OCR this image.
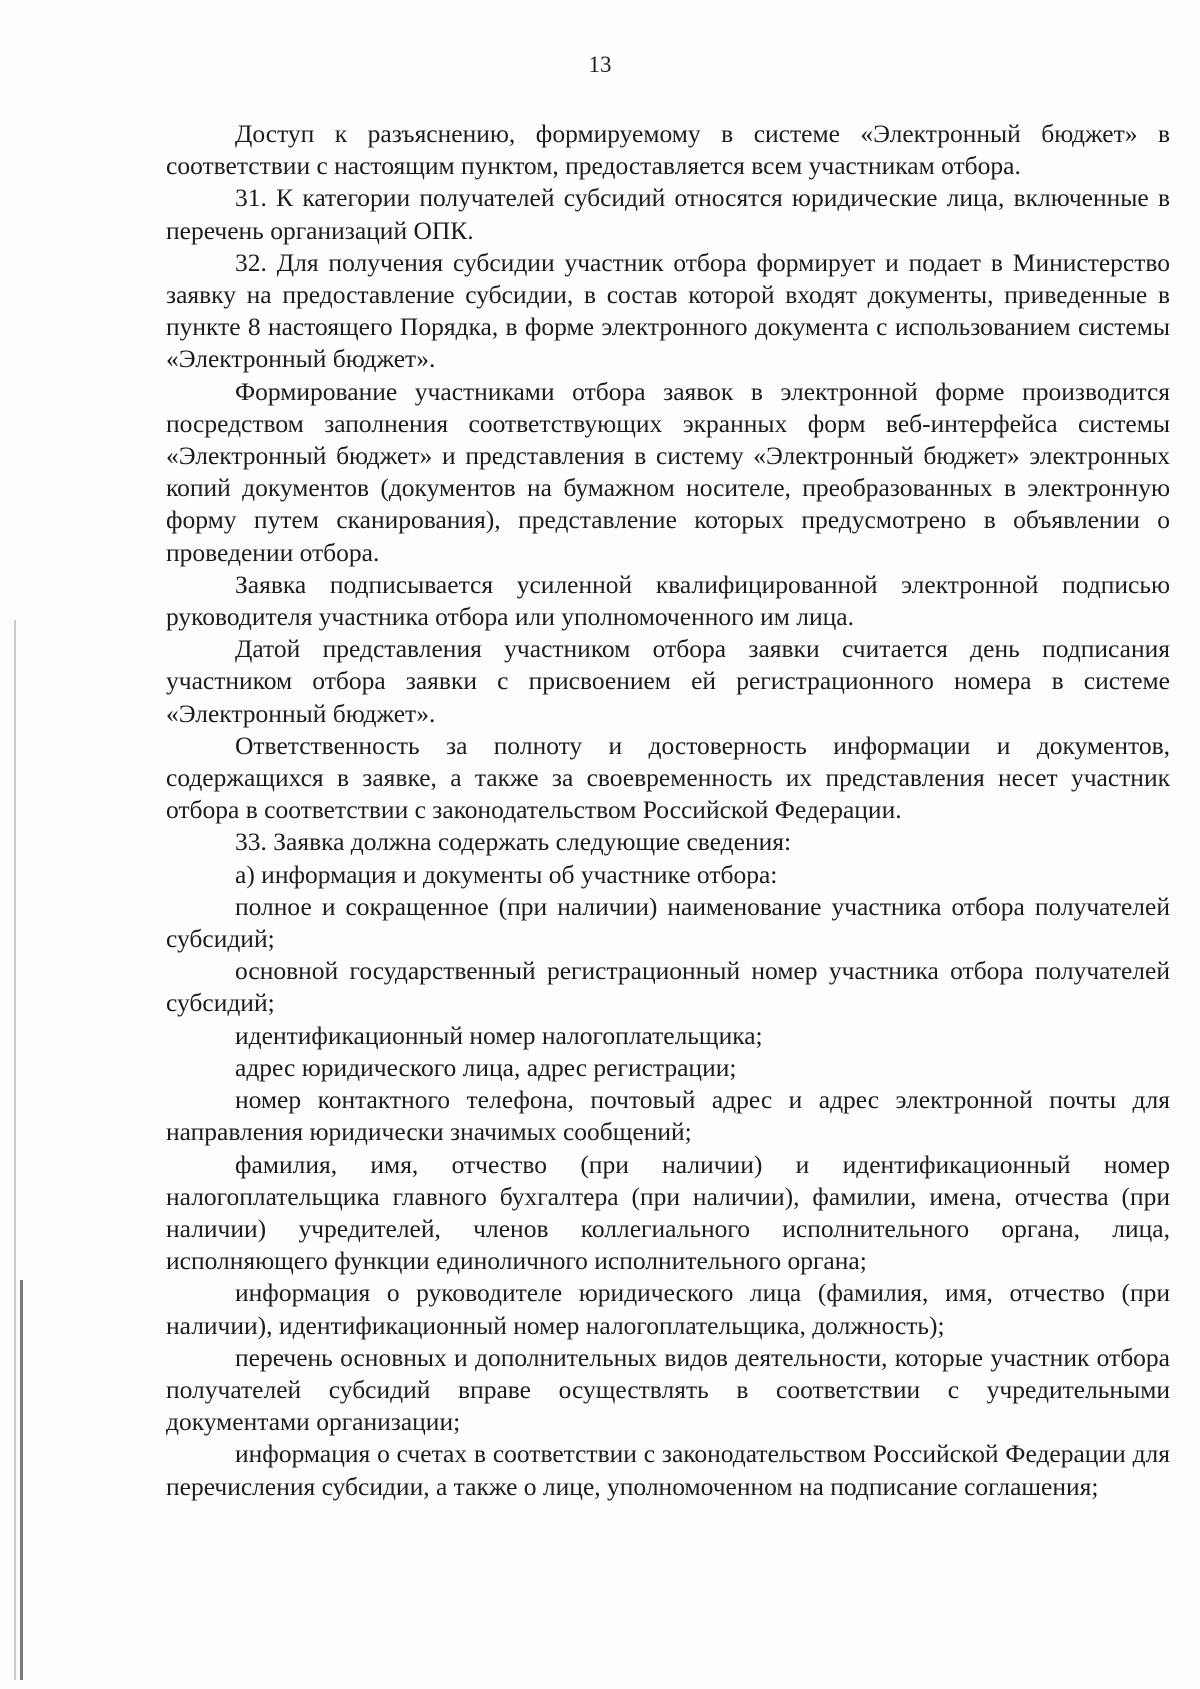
13

Доступ к разъяснению, формируемому в системе «Электронный бюджет» в соответствии с настоящим пунктом, предоставляется всем участникам отбора.

31. К категории получателей субсидий относятся юридические лица, включенные в перечень организаций ОПК.

32. Для получения субсидии участник отбора формирует и подает в Министерство заявку на предоставление субсидии, в состав которой входят документы, приведенные в пункте 8 настоящего Порядка, в форме электронного документа с использованием системы «Электронный бюджет».

Формирование участниками отбора заявок в электронной форме производится посредством заполнения соответствующих экранных форм веб-интерфейса системы «Электронный бюджет» и представления в систему «Электронный бюджет» электронных копий документов (документов на бумажном носителе, преобразованных в электронную форму путем сканирования), представление которых предусмотрено в объявлении о проведении отбора.

Заявка подписывается усиленной квалифицированной электронной подписью руководителя участника отбора или уполномоченного им лица.

Датой представления участником отбора заявки считается день подписания участником отбора заявки с присвоением ей регистрационного номера в системе «Электронный бюджет».

Ответственность за полноту и достоверность информации и документов, содержащихся в заявке, а также за своевременность их представления несет участник отбора в соответствии с законодательством Российской Федерации.

33. Заявка должна содержать следующие сведения:

а) информация и документы об участнике отбора:

полное и сокращенное (при наличии) наименование участника отбора получателей субсидий;

основной государственный регистрационный номер участника отбора получателей субсидий;

идентификационный номер налогоплательщика;

адрес юридического лица, адрес регистрации;

номер контактного телефона, почтовый адрес и адрес электронной почты для направления юридически значимых сообщений;

фамилия, имя, отчество (при наличии) и идентификационный номер налогоплательщика главного бухгалтера (при наличии), фамилии, имена, отчества (при наличии) учредителей, членов коллегиального исполнительного органа, лица, исполняющего функции единоличного исполнительного органа;

информация о руководителе юридического лица (фамилия, имя, отчество (при наличии), идентификационный номер налогоплательщика, должность);

перечень основных и дополнительных видов деятельности, которые участник отбора получателей субсидий вправе осуществлять в соответствии с учредительными документами организации;

информация о счетах в соответствии с законодательством Российской Федерации для перечисления субсидии, а также о лице, уполномоченном на подписание соглашения;
